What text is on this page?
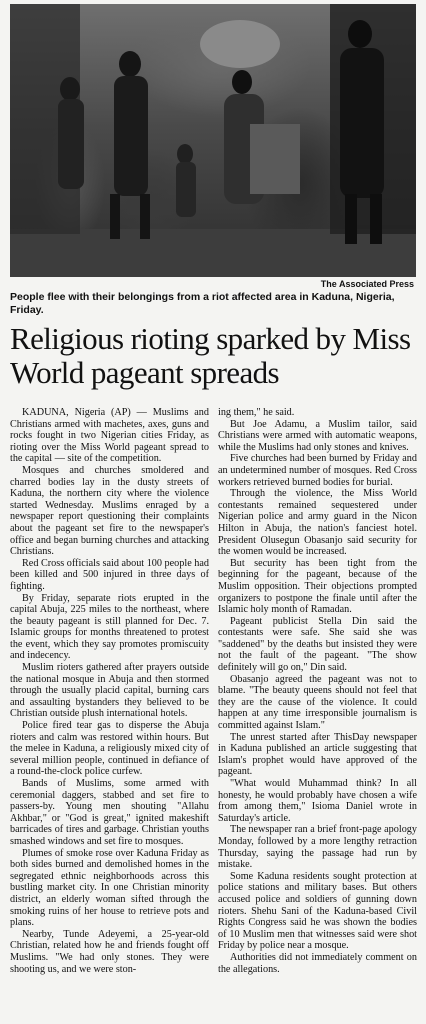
The Associated Press
People flee with their belongings from a riot affected area in Kaduna, Nigeria, Friday.
Religious rioting sparked by Miss World pageant spreads

KADUNA, Nigeria (AP) — Muslims and Christians armed with machetes, axes, guns and rocks fought in two Nigerian cities Friday, as rioting over the Miss World pageant spread to the capital — site of the competition.

Mosques and churches smoldered and charred bodies lay in the dusty streets of Kaduna, the northern city where the violence started Wednesday. Muslims enraged by a newspaper report questioning their complaints about the pageant set fire to the newspaper's office and began burning churches and attacking Christians.

Red Cross officials said about 100 people had been killed and 500 injured in three days of fighting.

By Friday, separate riots erupted in the capital Abuja, 225 miles to the northeast, where the beauty pageant is still planned for Dec. 7. Islamic groups for months threatened to protest the event, which they say promotes promiscuity and indecency.

Muslim rioters gathered after prayers outside the national mosque in Abuja and then stormed through the usually placid capital, burning cars and assaulting bystanders they believed to be Christian outside plush international hotels.

Police fired tear gas to disperse the Abuja rioters and calm was restored within hours. But the melee in Kaduna, a religiously mixed city of several million people, continued in defiance of a round-the-clock police curfew.

Bands of Muslims, some armed with ceremonial daggers, stabbed and set fire to passers-by. Young men shouting "Allahu Akhbar," or "God is great," ignited makeshift barricades of tires and garbage. Christian youths smashed windows and set fire to mosques.

Plumes of smoke rose over Kaduna Friday as both sides burned and demolished homes in the segregated ethnic neighborhoods across this bustling market city. In one Christian minority district, an elderly woman sifted through the smoking ruins of her house to retrieve pots and plans.

Nearby, Tunde Adeyemi, a 25-year-old Christian, related how he and friends fought off Muslims. "We had only stones. They were shooting us, and we were ston-

ing them," he said.

But Joe Adamu, a Muslim tailor, said Christians were armed with automatic weapons, while the Muslims had only stones and knives.

Five churches had been burned by Friday and an undetermined number of mosques. Red Cross workers retrieved burned bodies for burial.

Through the violence, the Miss World contestants remained sequestered under Nigerian police and army guard in the Nicon Hilton in Abuja, the nation's fanciest hotel. President Olusegun Obasanjo said security for the women would be increased.

But security has been tight from the beginning for the pageant, because of the Muslim opposition. Their objections prompted organizers to postpone the finale until after the Islamic holy month of Ramadan.

Pageant publicist Stella Din said the contestants were safe. She said she was "saddened" by the deaths but insisted they were not the fault of the pageant. "The show definitely will go on," Din said.

Obasanjo agreed the pageant was not to blame. "The beauty queens should not feel that they are the cause of the violence. It could happen at any time irresponsible journalism is committed against Islam."

The unrest started after ThisDay newspaper in Kaduna published an article suggesting that Islam's prophet would have approved of the pageant.

"What would Muhammad think? In all honesty, he would probably have chosen a wife from among them," Isioma Daniel wrote in Saturday's article.

The newspaper ran a brief front-page apology Monday, followed by a more lengthy retraction Thursday, saying the passage had run by mistake.

Some Kaduna residents sought protection at police stations and military bases. But others accused police and soldiers of gunning down rioters. Shehu Sani of the Kaduna-based Civil Rights Congress said he was shown the bodies of 10 Muslim men that witnesses said were shot Friday by police near a mosque.

Authorities did not immediately comment on the allegations.
